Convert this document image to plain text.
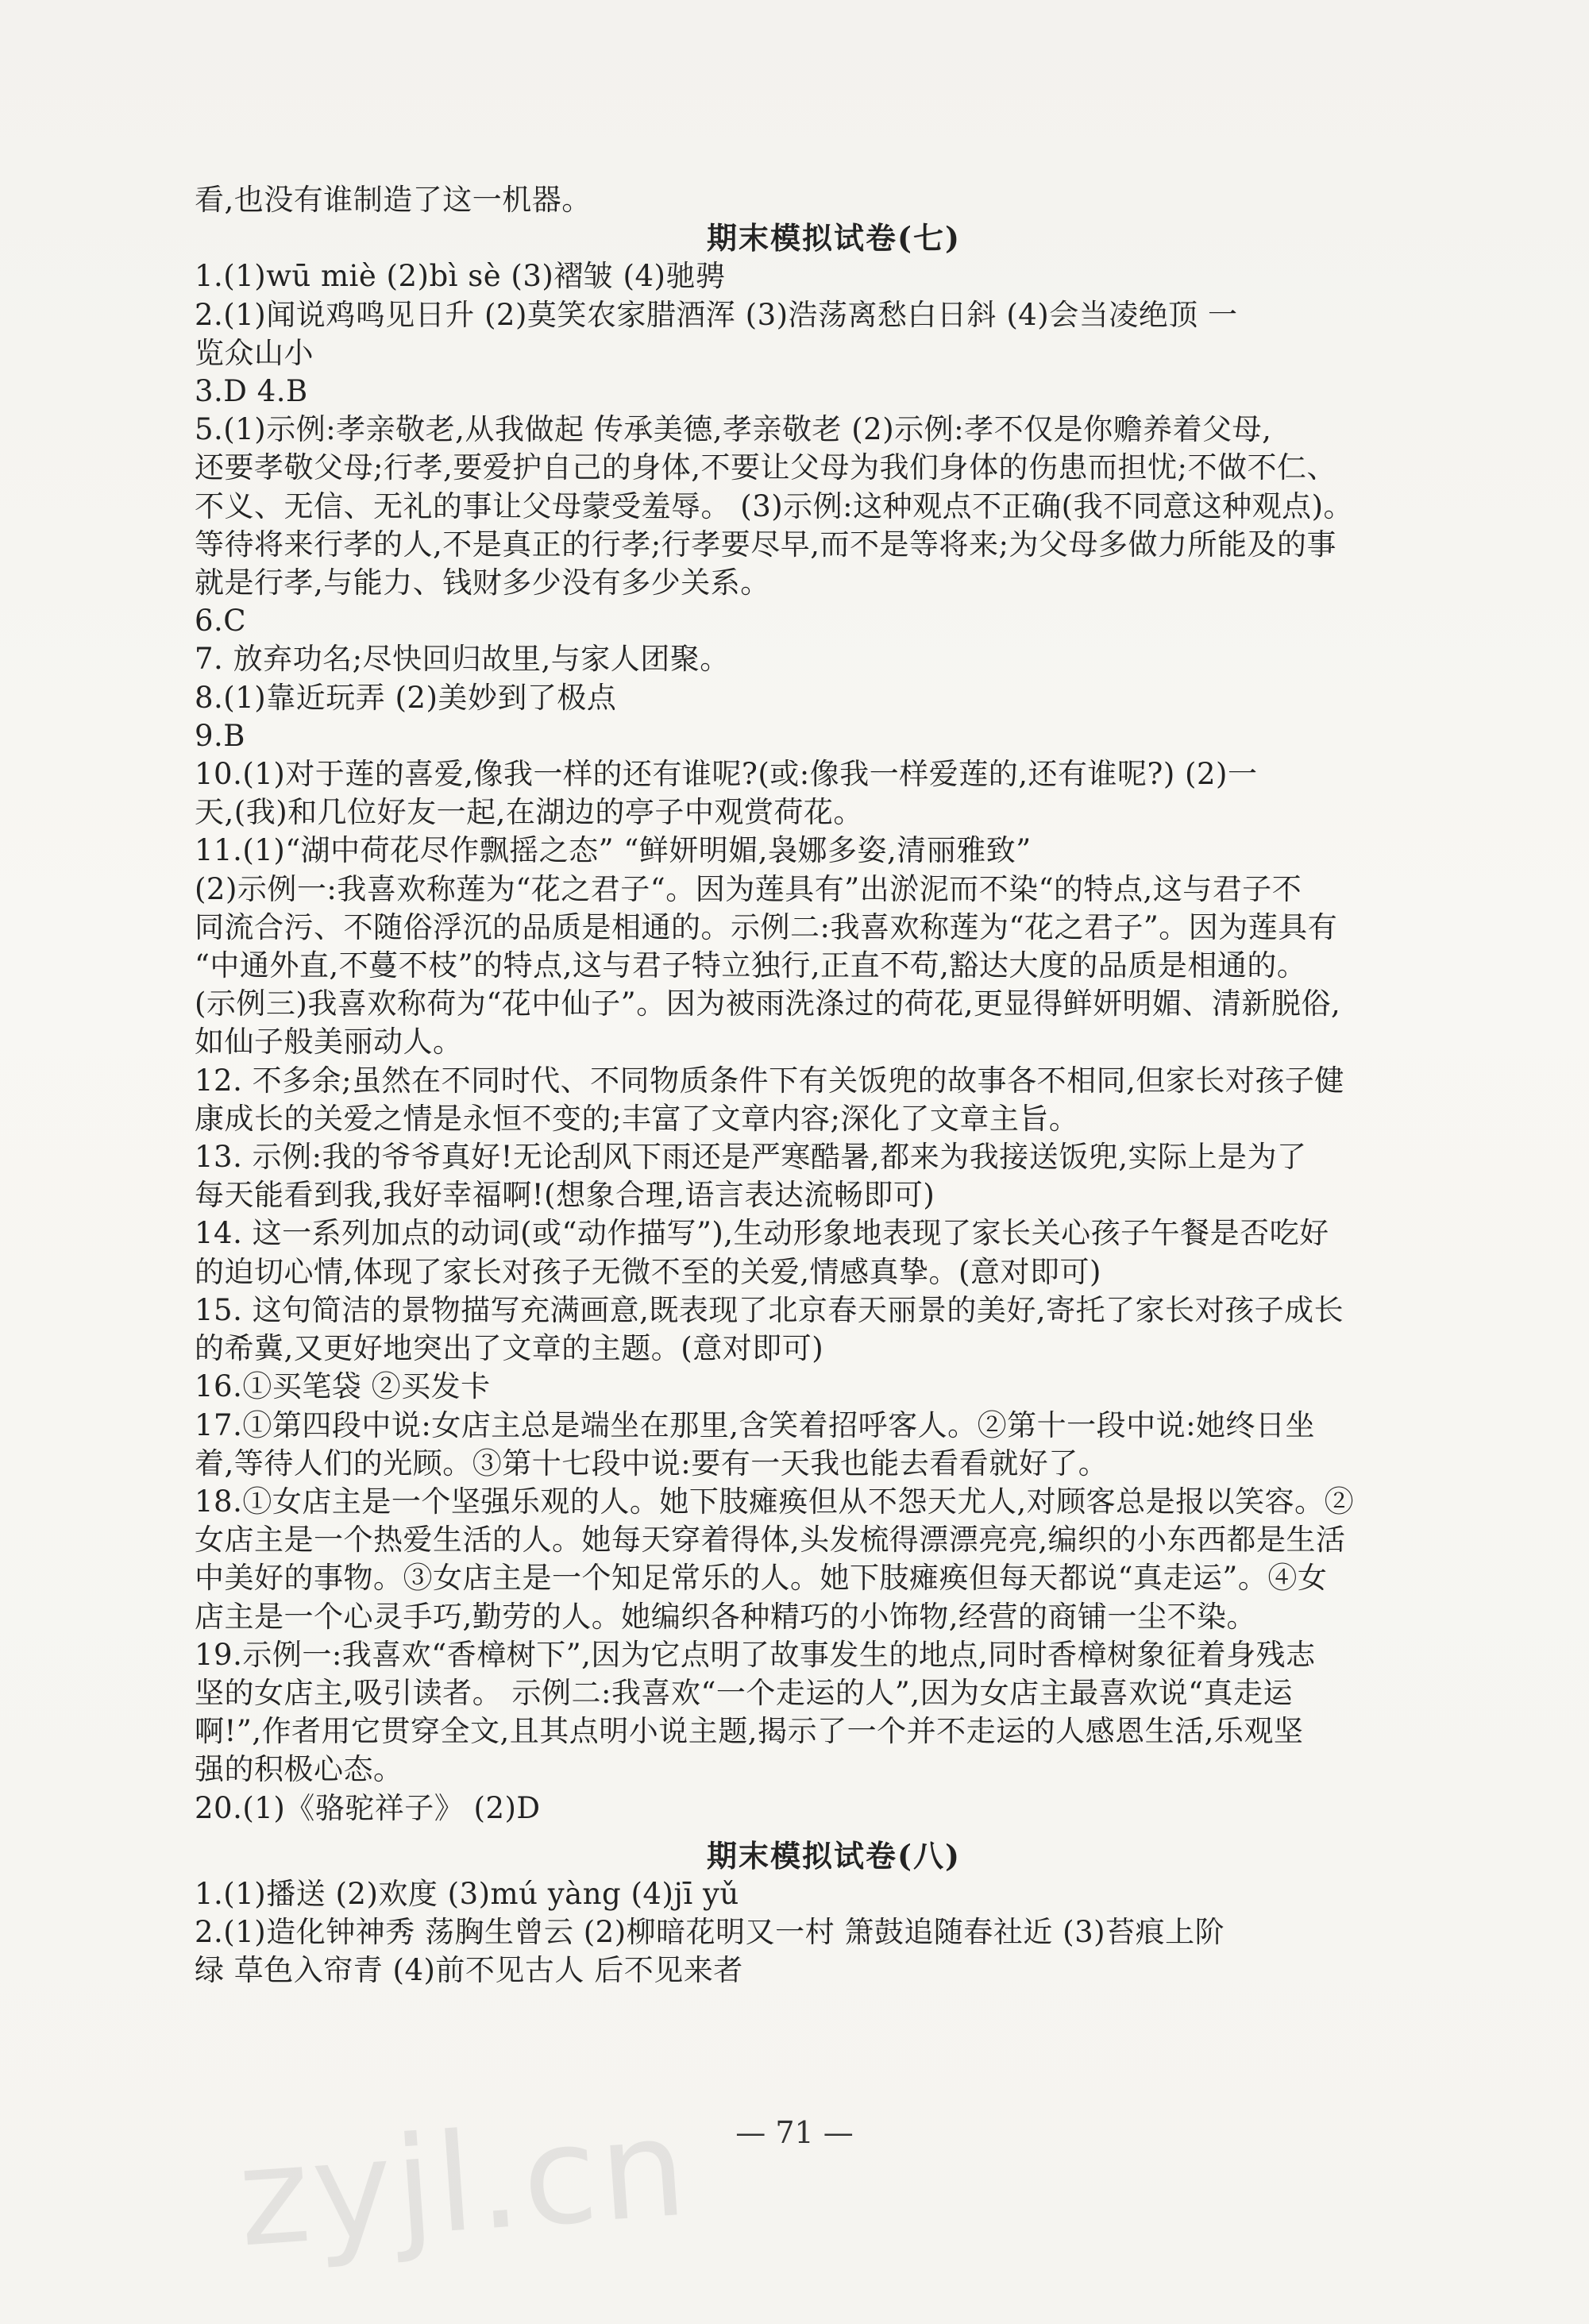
看,也没有谁制造了这一机器。
期末模拟试卷(七)
1.(1)wū miè (2)bì sè (3)褶皱 (4)驰骋
2.(1)闻说鸡鸣见日升 (2)莫笑农家腊酒浑 (3)浩荡离愁白日斜 (4)会当凌绝顶 一
览众山小
3.D 4.B
5.(1)示例:孝亲敬老,从我做起 传承美德,孝亲敬老 (2)示例:孝不仅是你赡养着父母,
还要孝敬父母;行孝,要爱护自己的身体,不要让父母为我们身体的伤患而担忧;不做不仁、
不义、无信、无礼的事让父母蒙受羞辱。 (3)示例:这种观点不正确(我不同意这种观点)。
等待将来行孝的人,不是真正的行孝;行孝要尽早,而不是等将来;为父母多做力所能及的事
就是行孝,与能力、钱财多少没有多少关系。
6.C
7. 放弃功名;尽快回归故里,与家人团聚。
8.(1)靠近玩弄 (2)美妙到了极点
9.B
10.(1)对于莲的喜爱,像我一样的还有谁呢?(或:像我一样爱莲的,还有谁呢?) (2)一
天,(我)和几位好友一起,在湖边的亭子中观赏荷花。
11.(1)“湖中荷花尽作飘摇之态” “鲜妍明媚,袅娜多姿,清丽雅致”
(2)示例一:我喜欢称莲为“花之君子“。因为莲具有”出淤泥而不染“的特点,这与君子不
同流合污、不随俗浮沉的品质是相通的。示例二:我喜欢称莲为“花之君子”。因为莲具有
“中通外直,不蔓不枝”的特点,这与君子特立独行,正直不苟,豁达大度的品质是相通的。
(示例三)我喜欢称荷为“花中仙子”。因为被雨洗涤过的荷花,更显得鲜妍明媚、清新脱俗,
如仙子般美丽动人。
12. 不多余;虽然在不同时代、不同物质条件下有关饭兜的故事各不相同,但家长对孩子健
康成长的关爱之情是永恒不变的;丰富了文章内容;深化了文章主旨。
13. 示例:我的爷爷真好!无论刮风下雨还是严寒酷暑,都来为我接送饭兜,实际上是为了
每天能看到我,我好幸福啊!(想象合理,语言表达流畅即可)
14. 这一系列加点的动词(或“动作描写”),生动形象地表现了家长关心孩子午餐是否吃好
的迫切心情,体现了家长对孩子无微不至的关爱,情感真挚。(意对即可)
15. 这句简洁的景物描写充满画意,既表现了北京春天丽景的美好,寄托了家长对孩子成长
的希冀,又更好地突出了文章的主题。(意对即可)
16.①买笔袋 ②买发卡
17.①第四段中说:女店主总是端坐在那里,含笑着招呼客人。②第十一段中说:她终日坐
着,等待人们的光顾。③第十七段中说:要有一天我也能去看看就好了。
18.①女店主是一个坚强乐观的人。她下肢瘫痪但从不怨天尤人,对顾客总是报以笑容。②
女店主是一个热爱生活的人。她每天穿着得体,头发梳得漂漂亮亮,编织的小东西都是生活
中美好的事物。③女店主是一个知足常乐的人。她下肢瘫痪但每天都说“真走运”。④女
店主是一个心灵手巧,勤劳的人。她编织各种精巧的小饰物,经营的商铺一尘不染。
19.示例一:我喜欢“香樟树下”,因为它点明了故事发生的地点,同时香樟树象征着身残志
坚的女店主,吸引读者。 示例二:我喜欢“一个走运的人”,因为女店主最喜欢说“真走运
啊!”,作者用它贯穿全文,且其点明小说主题,揭示了一个并不走运的人感恩生活,乐观坚
强的积极心态。
20.(1)《骆驼祥子》 (2)D
期末模拟试卷(八)
1.(1)播送 (2)欢度 (3)mú yàng (4)jī yǔ
2.(1)造化钟神秀 荡胸生曾云 (2)柳暗花明又一村 箫鼓追随春社近 (3)苔痕上阶
绿 草色入帘青 (4)前不见古人 后不见来者
zyjl.cn	— 71 —
